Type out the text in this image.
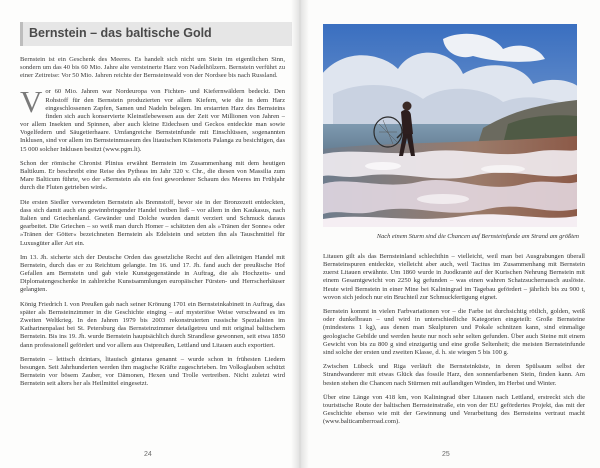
Bernstein – das baltische Gold

Bernstein ist ein Geschenk des Meeres. Es handelt sich nicht um Stein im eigentlichen Sinn, sondern um das 40 bis 60 Mio. Jahre alte versteinerte Harz von Nadelhölzern. Bernstein verführt zu einer Zeitreise: Vor 50 Mio. Jahren reichte der Bernsteinwald von der Nordsee bis nach Russland.

Vor 60 Mio. Jahren war Nordeuropa von Fichten- und Kiefernwäldern bedeckt. Den Rohstoff für den Bernstein produzierten vor allem Kiefern, wie die in dem Harz eingeschlossenen Zapfen, Samen und Nadeln belegen. Im erstarrten Harz des Bernsteins finden sich auch konservierte Kleinstlebewesen aus der Zeit vor Millionen von Jahren – vor allem Insekten und Spinnen, aber auch kleine Eidechsen und Geckos entdeckte man sowie Vogelfedern und Säugetierhaare. Umfangreiche Bernsteinfunde mit Einschlüssen, sogenannten Inklusen, sind vor allem im Bernsteinmuseum des litauischen Küstenorts Palanga zu besichtigen, das 15 000 solcher Inklusen besitzt (www.pgm.lt).

Schon der römische Chronist Plinius erwähnt Bernstein im Zusammenhang mit dem heutigen Baltikum. Er beschreibt eine Reise des Pytheas im Jahr 320 v. Chr., die diesen von Massilia zum Mare Balticum führte, wo der »Bernstein als ein fest gewordener Schaum des Meeres im Frühjahr durch die Fluten getrieben wird«.

Die ersten Siedler verwendeten Bernstein als Brennstoff, bevor sie in der Bronzezeit entdeckten, dass sich damit auch ein gewinnbringender Handel treiben ließ – vor allem in den Kaukasus, nach Italien und Griechenland. Gewänder und Dolche wurden damit verziert und Schmuck daraus gearbeitet. Die Griechen – so weiß man durch Homer – schätzten den als »Tränen der Sonne« oder »Tränen der Götter« bezeichneten Bernstein als Edelstein und setzten ihn als Tauschmittel für Luxusgüter aller Art ein.

Im 13. Jh. sicherte sich der Deutsche Orden das gesetzliche Recht auf den alleinigen Handel mit Bernstein, durch das er zu Reichtum gelangte. Im 16. und 17. Jh. fand auch der preußische Hof Gefallen am Bernstein und gab viele Kunstgegenstände in Auftrag, die als Hochzeits- und Diplomatengeschenke in zahlreiche Kunstsammlungen europäischer Fürsten- und Herrscherhäuser gelangten.

König Friedrich I. von Preußen gab nach seiner Krönung 1701 ein Bernsteinkabinett in Auftrag, das später als Bernsteinzimmer in die Geschichte einging – auf mysteriöse Weise verschwand es im Zweiten Weltkrieg. In den Jahren 1979 bis 2003 rekonstruierten russische Spezialisten im Katharinenpalast bei St. Petersburg das Bernsteinzimmer detailgetreu und mit original baltischem Bernstein. Bis ins 19. Jh. wurde Bernstein hauptsächlich durch Strandlese gewonnen, seit etwa 1850 dann professionell gefördert und vor allem aus Ostpreußen, Lettland und Litauen auch exportiert.

Bernstein – lettisch dzintars, litauisch gintaras genannt – wurde schon in frühesten Liedern besungen. Seit Jahrhunderten werden ihm magische Kräfte zugeschrieben. Im Volksglauben schützt Bernstein vor bösem Zauber, vor Dämonen, Hexen und Trolle vertreiben. Nicht zuletzt wird Bernstein seit alters her als Heilmittel eingesetzt.

24
Nach einem Sturm sind die Chancen auf Bernsteinfunde am Strand am größten

Litauen gilt als das Bernsteinland schlechthin – vielleicht, weil man bei Ausgrabungen überall Bernsteinspuren entdeckte, vielleicht aber auch, weil Tacitus im Zusammenhang mit Bernstein zuerst Litauen erwähnte. Um 1860 wurde in Juodkrantė auf der Kurischen Nehrung Bernstein mit einem Gesamtgewicht von 2250 kg gefunden – was einen wahren Schatzsucherrausch auslöste. Heute wird Bernstein in einer Mine bei Kaliningrad im Tagebau gefördert – jährlich bis zu 900 t, wovon sich jedoch nur ein Bruchteil zur Schmuckfertigung eignet.

Bernstein kommt in vielen Farbvariationen vor – die Farbe ist durchsichtig rötlich, golden, weiß oder dunkelbraun – und wird in unterschiedliche Kategorien eingeteilt: Große Bernsteine (mindestens 1 kg), aus denen man Skulpturen und Pokale schnitzen kann, sind einmalige geologische Gebilde und werden heute nur noch sehr selten gefunden. Über auch Steine mit einem Gewicht von bis zu 800 g sind einzigartig und eine große Seltenheit; die meisten Bernsteinfunde sind solche der ersten und zweiten Klasse, d. h. sie wiegen 5 bis 100 g.

Zwischen Lübeck und Riga verläuft die Bernsteinküste, in deren Spülsaum selbst der Strandwanderer mit etwas Glück das fossile Harz, den sonnenfarbenen Stein, finden kann. Am besten stehen die Chancen nach Stürmen mit auflandigen Winden, im Herbst und Winter.

Über eine Länge von 418 km, von Kaliningrad über Litauen nach Lettland, erstreckt sich die touristische Route der baltischen Bernsteinstraße, ein von der EU gefördertes Projekt, das mit der Geschichte ebenso wie mit der Gewinnung und Verarbeitung des Bernsteins vertraut macht (www.balticamberroad.com).

25
